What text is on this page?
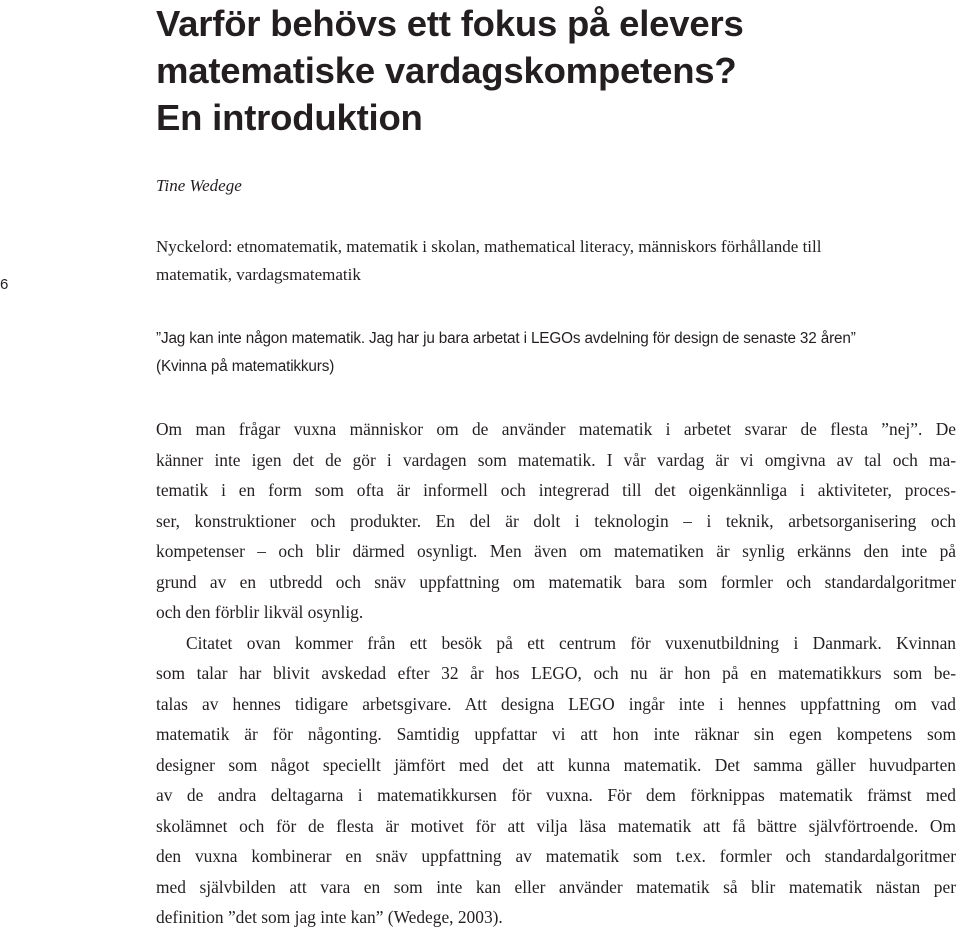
6
Varför behövs ett fokus på elevers
matematiske vardagskompetens?
En introduktion
Tine Wedege
Nyckelord: etnomatematik, matematik i skolan, mathematical literacy, människors förhållande till
matematik, vardagsmatematik
”Jag kan inte någon matematik. Jag har ju bara arbetat i LEGOs avdelning för design de senaste 32 åren”
(Kvinna på matematikkurs)

Om man frågar vuxna människor om de använder matematik i arbetet svarar de flesta ”nej”. De
känner inte igen det de gör i vardagen som matematik. I vår vardag är vi omgivna av tal och ma-
tematik i en form som ofta är informell och integrerad till det oigenkännliga i aktiviteter, proces-
ser, konstruktioner och produkter. En del är dolt i teknologin – i teknik, arbetsorganisering och
kompetenser – och blir därmed osynligt. Men även om matematiken är synlig erkänns den inte på
grund av en utbredd och snäv uppfattning om matematik bara som formler och standardalgoritmer
och den förblir likväl osynlig.

Citatet ovan kommer från ett besök på ett centrum för vuxenutbildning i Danmark. Kvinnan
som talar har blivit avskedad efter 32 år hos LEGO, och nu är hon på en matematikkurs som be-
talas av hennes tidigare arbetsgivare. Att designa LEGO ingår inte i hennes uppfattning om vad
matematik är för någonting. Samtidig uppfattar vi att hon inte räknar sin egen kompetens som
designer som något speciellt jämfört med det att kunna matematik. Det samma gäller huvudparten
av de andra deltagarna i matematikkursen för vuxna. För dem förknippas matematik främst med
skolämnet och för de flesta är motivet för att vilja läsa matematik att få bättre självförtroende. Om
den vuxna kombinerar en snäv uppfattning av matematik som t.ex. formler och standardalgoritmer
med självbilden att vara en som inte kan eller använder matematik så blir matematik nästan per
definition ”det som jag inte kan” (Wedege, 2003).
